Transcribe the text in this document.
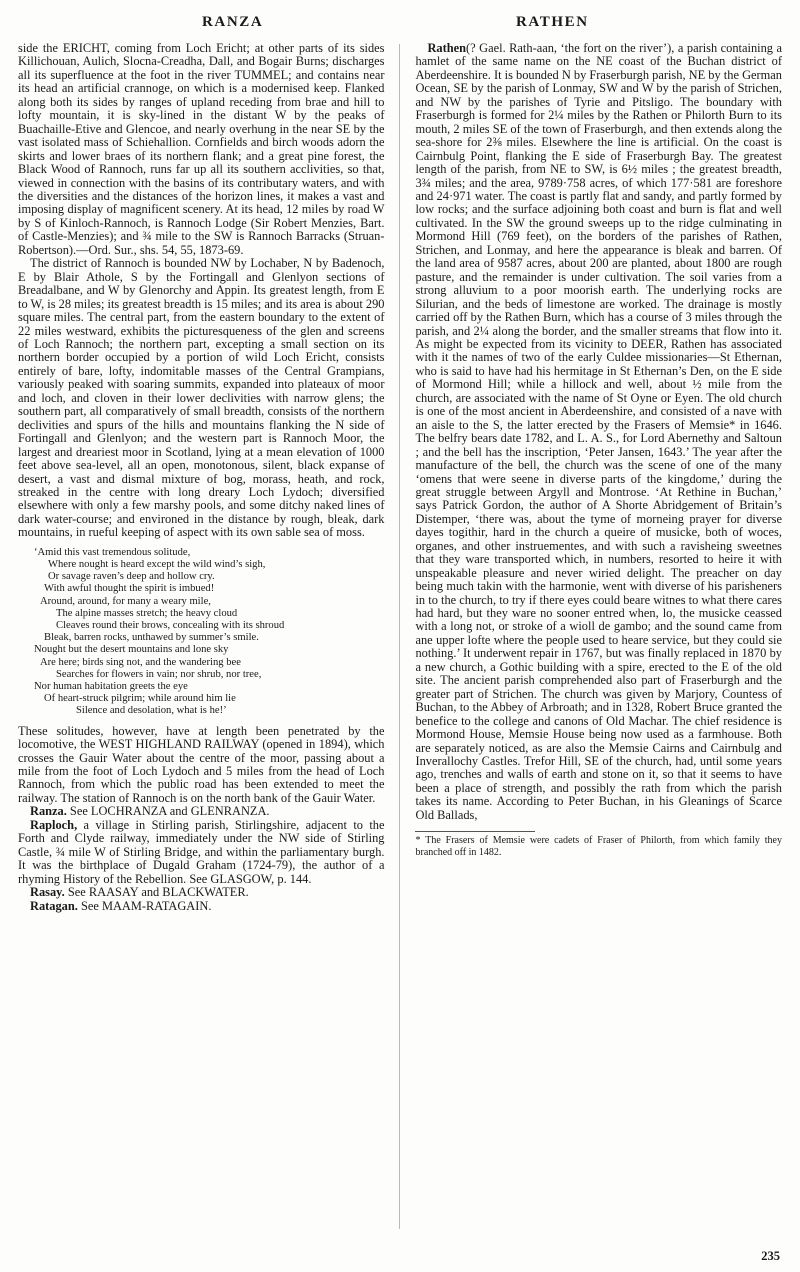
RANZA	RATHEN

side the ERICHT, coming from Loch Ericht; at other parts of its sides Killichouan, Aulich, Slocna-Creadha, Dall, and Bogair Burns; discharges all its superfluence at the foot in the river TUMMEL; and contains near its head an artificial crannoge, on which is a modernised keep. Flanked along both its sides by ranges of upland receding from brae and hill to lofty mountain, it is sky-lined in the distant W by the peaks of Buachaille-Etive and Glencoe, and nearly overhung in the near SE by the vast isolated mass of Schiehallion. Cornfields and birch woods adorn the skirts and lower braes of its northern flank; and a great pine forest, the Black Wood of Rannoch, runs far up all its southern acclivities, so that, viewed in connection with the basins of its contributary waters, and with the diversities and the distances of the horizon lines, it makes a vast and imposing display of magnificent scenery. At its head, 12 miles by road W by S of Kinloch-Rannoch, is Rannoch Lodge (Sir Robert Menzies, Bart. of Castle-Menzies); and ¾ mile to the SW is Rannoch Barracks (Struan-Robertson).—Ord. Sur., shs. 54, 55, 1873-69.

The district of Rannoch is bounded NW by Lochaber, N by Badenoch, E by Blair Athole, S by the Fortingall and Glenlyon sections of Breadalbane, and W by Glenorchy and Appin. Its greatest length, from E to W, is 28 miles; its greatest breadth is 15 miles; and its area is about 290 square miles. The central part, from the eastern boundary to the extent of 22 miles westward, exhibits the picturesqueness of the glen and screens of Loch Rannoch; the northern part, excepting a small section on its northern border occupied by a portion of wild Loch Ericht, consists entirely of bare, lofty, indomitable masses of the Central Grampians, variously peaked with soaring summits, expanded into plateaux of moor and loch, and cloven in their lower declivities with narrow glens; the southern part, all comparatively of small breadth, consists of the northern declivities and spurs of the hills and mountains flanking the N side of Fortingall and Glenlyon; and the western part is Rannoch Moor, the largest and dreariest moor in Scotland, lying at a mean elevation of 1000 feet above sea-level, all an open, monotonous, silent, black expanse of desert, a vast and dismal mixture of bog, morass, heath, and rock, streaked in the centre with long dreary Loch Lydoch; diversified elsewhere with only a few marshy pools, and some ditchy naked lines of dark water-course; and environed in the distance by rough, bleak, dark mountains, in rueful keeping of aspect with its own sable sea of moss.

‘Amid this vast tremendous solitude,
Where nought is heard except the wild wind’s sigh,
Or savage raven’s deep and hollow cry.
With awful thought the spirit is imbued!
Around, around, for many a weary mile,
The alpine masses stretch; the heavy cloud
Cleaves round their brows, concealing with its shroud
Bleak, barren rocks, unthawed by summer’s smile.
Nought but the desert mountains and lone sky
Are here; birds sing not, and the wandering bee
Searches for flowers in vain; nor shrub, nor tree,
Nor human habitation greets the eye
Of heart-struck pilgrim; while around him lie
Silence and desolation, what is he!’

These solitudes, however, have at length been penetrated by the locomotive, the WEST HIGHLAND RAILWAY (opened in 1894), which crosses the Gauir Water about the centre of the moor, passing about a mile from the foot of Loch Lydoch and 5 miles from the head of Loch Rannoch, from which the public road has been extended to meet the railway. The station of Rannoch is on the north bank of the Gauir Water.

Ranza. See LOCHRANZA and GLENRANZA.

Raploch, a village in Stirling parish, Stirlingshire, adjacent to the Forth and Clyde railway, immediately under the NW side of Stirling Castle, ¾ mile W of Stirling Bridge, and within the parliamentary burgh. It was the birthplace of Dugald Graham (1724-79), the author of a rhyming History of the Rebellion. See GLASGOW, p. 144.

Rasay. See RAASAY and BLACKWATER.

Ratagan. See MAAM-RATAGAIN.

Rathen(? Gael. Rath-aan, ‘the fort on the river’), a parish containing a hamlet of the same name on the NE coast of the Buchan district of Aberdeenshire. It is bounded N by Fraserburgh parish, NE by the German Ocean, SE by the parish of Lonmay, SW and W by the parish of Strichen, and NW by the parishes of Tyrie and Pitsligo. The boundary with Fraserburgh is formed for 2¼ miles by the Rathen or Philorth Burn to its mouth, 2 miles SE of the town of Fraserburgh, and then extends along the sea-shore for 2⅜ miles. Elsewhere the line is artificial. On the coast is Cairnbulg Point, flanking the E side of Fraserburgh Bay. The greatest length of the parish, from NE to SW, is 6½ miles ; the greatest breadth, 3¾ miles; and the area, 9789·758 acres, of which 177·581 are foreshore and 24·971 water. The coast is partly flat and sandy, and partly formed by low rocks; and the surface adjoining both coast and burn is flat and well cultivated. In the SW the ground sweeps up to the ridge culminating in Mormond Hill (769 feet), on the borders of the parishes of Rathen, Strichen, and Lonmay, and here the appearance is bleak and barren. Of the land area of 9587 acres, about 200 are planted, about 1800 are rough pasture, and the remainder is under cultivation. The soil varies from a strong alluvium to a poor moorish earth. The underlying rocks are Silurian, and the beds of limestone are worked. The drainage is mostly carried off by the Rathen Burn, which has a course of 3 miles through the parish, and 2¼ along the border, and the smaller streams that flow into it. As might be expected from its vicinity to DEER, Rathen has associated with it the names of two of the early Culdee missionaries—St Ethernan, who is said to have had his hermitage in St Ethernan’s Den, on the E side of Mormond Hill; while a hillock and well, about ½ mile from the church, are associated with the name of St Oyne or Eyen. The old church is one of the most ancient in Aberdeenshire, and consisted of a nave with an aisle to the S, the latter erected by the Frasers of Memsie* in 1646. The belfry bears date 1782, and L. A. S., for Lord Abernethy and Saltoun ; and the bell has the inscription, ‘Peter Jansen, 1643.’ The year after the manufacture of the bell, the church was the scene of one of the many ‘omens that were seene in diverse parts of the kingdome,’ during the great struggle between Argyll and Montrose. ‘At Rethine in Buchan,’ says Patrick Gordon, the author of A Shorte Abridgement of Britain’s Distemper, ‘there was, about the tyme of morneing prayer for diverse dayes togithir, hard in the church a queire of musicke, both of woces, organes, and other instruementes, and with such a ravisheing sweetnes that they ware transported which, in numbers, resorted to heire it with unspeakable pleasure and never wiried delight. The preacher on day being much takin with the harmonie, went with diverse of his parisheners in to the church, to try if there eyes could beare witnes to what there cares had hard, but they ware no sooner entred when, lo, the musicke ceassed with a long not, or stroke of a wioll de gambo; and the sound came from ane upper lofte where the people used to heare service, but they could sie nothing.’ It underwent repair in 1767, but was finally replaced in 1870 by a new church, a Gothic building with a spire, erected to the E of the old site. The ancient parish comprehended also part of Fraserburgh and the greater part of Strichen. The church was given by Marjory, Countess of Buchan, to the Abbey of Arbroath; and in 1328, Robert Bruce granted the benefice to the college and canons of Old Machar. The chief residence is Mormond House, Memsie House being now used as a farmhouse. Both are separately noticed, as are also the Memsie Cairns and Cairnbulg and Inverallochy Castles. Trefor Hill, SE of the church, had, until some years ago, trenches and walls of earth and stone on it, so that it seems to have been a place of strength, and possibly the rath from which the parish takes its name. According to Peter Buchan, in his Gleanings of Scarce Old Ballads,

* The Frasers of Memsie were cadets of Fraser of Philorth, from which family they branched off in 1482.
235
